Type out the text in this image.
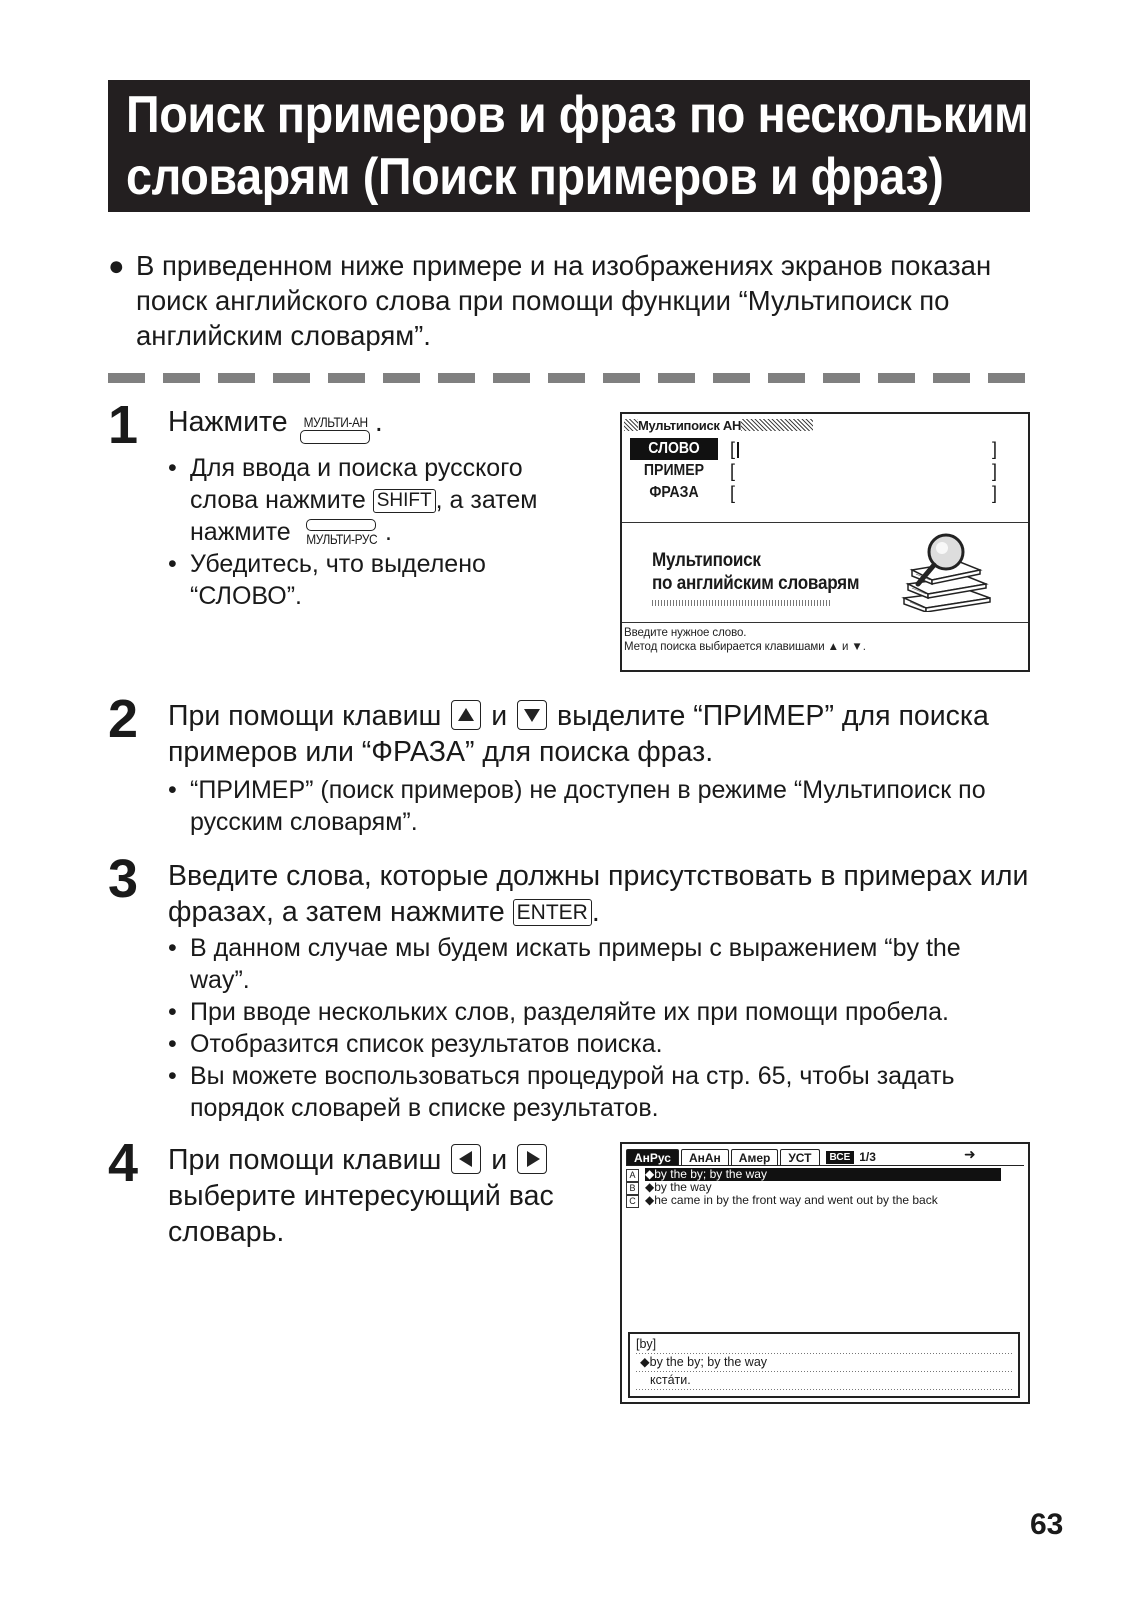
Поиск примеров и фраз по нескольким
словарям (Поиск примеров и фраз)
● В приведенном ниже примере и на изображениях экранов показан поиск английского слова при помощи функции “Мультипоиск по английским словарям”.
1 Нажмите МУЛЬТИ-АН .
• Для ввода и поиска русского слова нажмите SHIFT , а затем нажмите МУЛЬТИ-РУС .
• Убедитесь, что выделено “СЛОВО”.
Мультипоиск АН
СЛОВО [	]
ПРИМЕР [	]
ФРАЗА [	]
Мультипоиск
по английским словарям
Введите нужное слово.
Метод поиска выбирается клавишами ▲ и ▼.
2 При помощи клавиш и выделите “ПРИМЕР” для поиска примеров или “ФРАЗА” для поиска фраз.
• “ПРИМЕР” (поиск примеров) не доступен в режиме “Мультипоиск по русским словарям”.
3 Введите слова, которые должны присутствовать в примерах или фразах, а затем нажмите ENTER .
• В данном случае мы будем искать примеры с выражением “by the way”.
• При вводе нескольких слов, разделяйте их при помощи пробела.
• Отобразится список результатов поиска.
• Вы можете воспользоваться процедурой на стр. 65, чтобы задать порядок словарей в списке результатов.
4 При помощи клавиш и
выберите интересующий вас словарь.
АнРус	АнАн	Амер	УСТ	ВСЕ 1/3	➜
A ◆by the by; by the way
B ◆by the way
C ◆he came in by the front way and went out by the back
[by]
◆by the by; by the way
кстáти.
63
